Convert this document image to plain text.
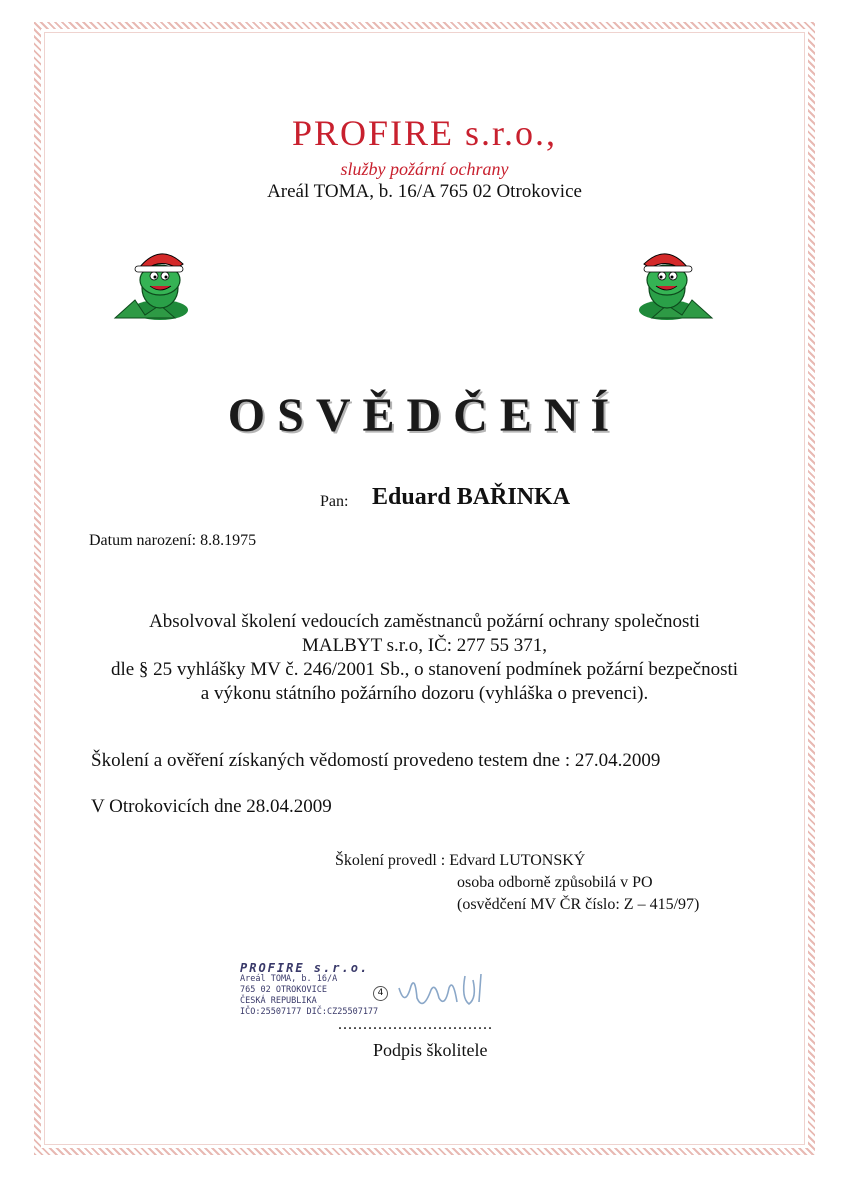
PROFIRE s.r.o.,
služby požární ochrany
Areál TOMA, b. 16/A 765 02 Otrokovice
OSVĚDČENÍ
Pan: Eduard BAŘINKA
Datum narození: 8.8.1975
Absolvoval školení vedoucích zaměstnanců požární ochrany společnosti
MALBYT s.r.o, IČ: 277 55 371,
dle § 25 vyhlášky MV č. 246/2001 Sb., o stanovení podmínek požární bezpečnosti
a výkonu státního požárního dozoru (vyhláška o prevenci).
Školení a ověření získaných vědomostí provedeno testem dne : 27.04.2009
V Otrokovicích dne 28.04.2009
Školení provedl : Edvard LUTONSKÝ
osoba odborně způsobilá v PO
(osvědčení MV ČR číslo: Z – 415/97)
PROFIRE s.r.o.
Areál TOMA, b. 16/A
765 02 OTROKOVICE
ČESKÁ REPUBLIKA
IČO:25507177 DIČ:CZ25507177
4
...............................
Podpis školitele
